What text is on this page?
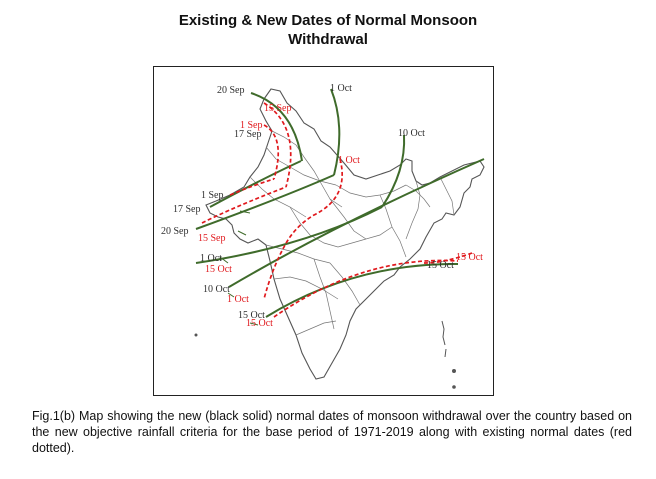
Existing & New Dates of Normal Monsoon
Withdrawal
20 Sep	1 Oct
17 Sep	10 Oct
1 Sep
17 Sep
20 Sep
1 Oct
10 Oct
15 Oct
15 Oct
15 Sep
1 Sep
1 Oct
15 Sep
15 Oct
1 Oct
15 Oct
15 Oct
Fig.1(b) Map showing the new (black solid) normal dates of monsoon withdrawal over the country based on the new objective rainfall criteria for the base period of 1971-2019 along with existing normal dates (red dotted).
